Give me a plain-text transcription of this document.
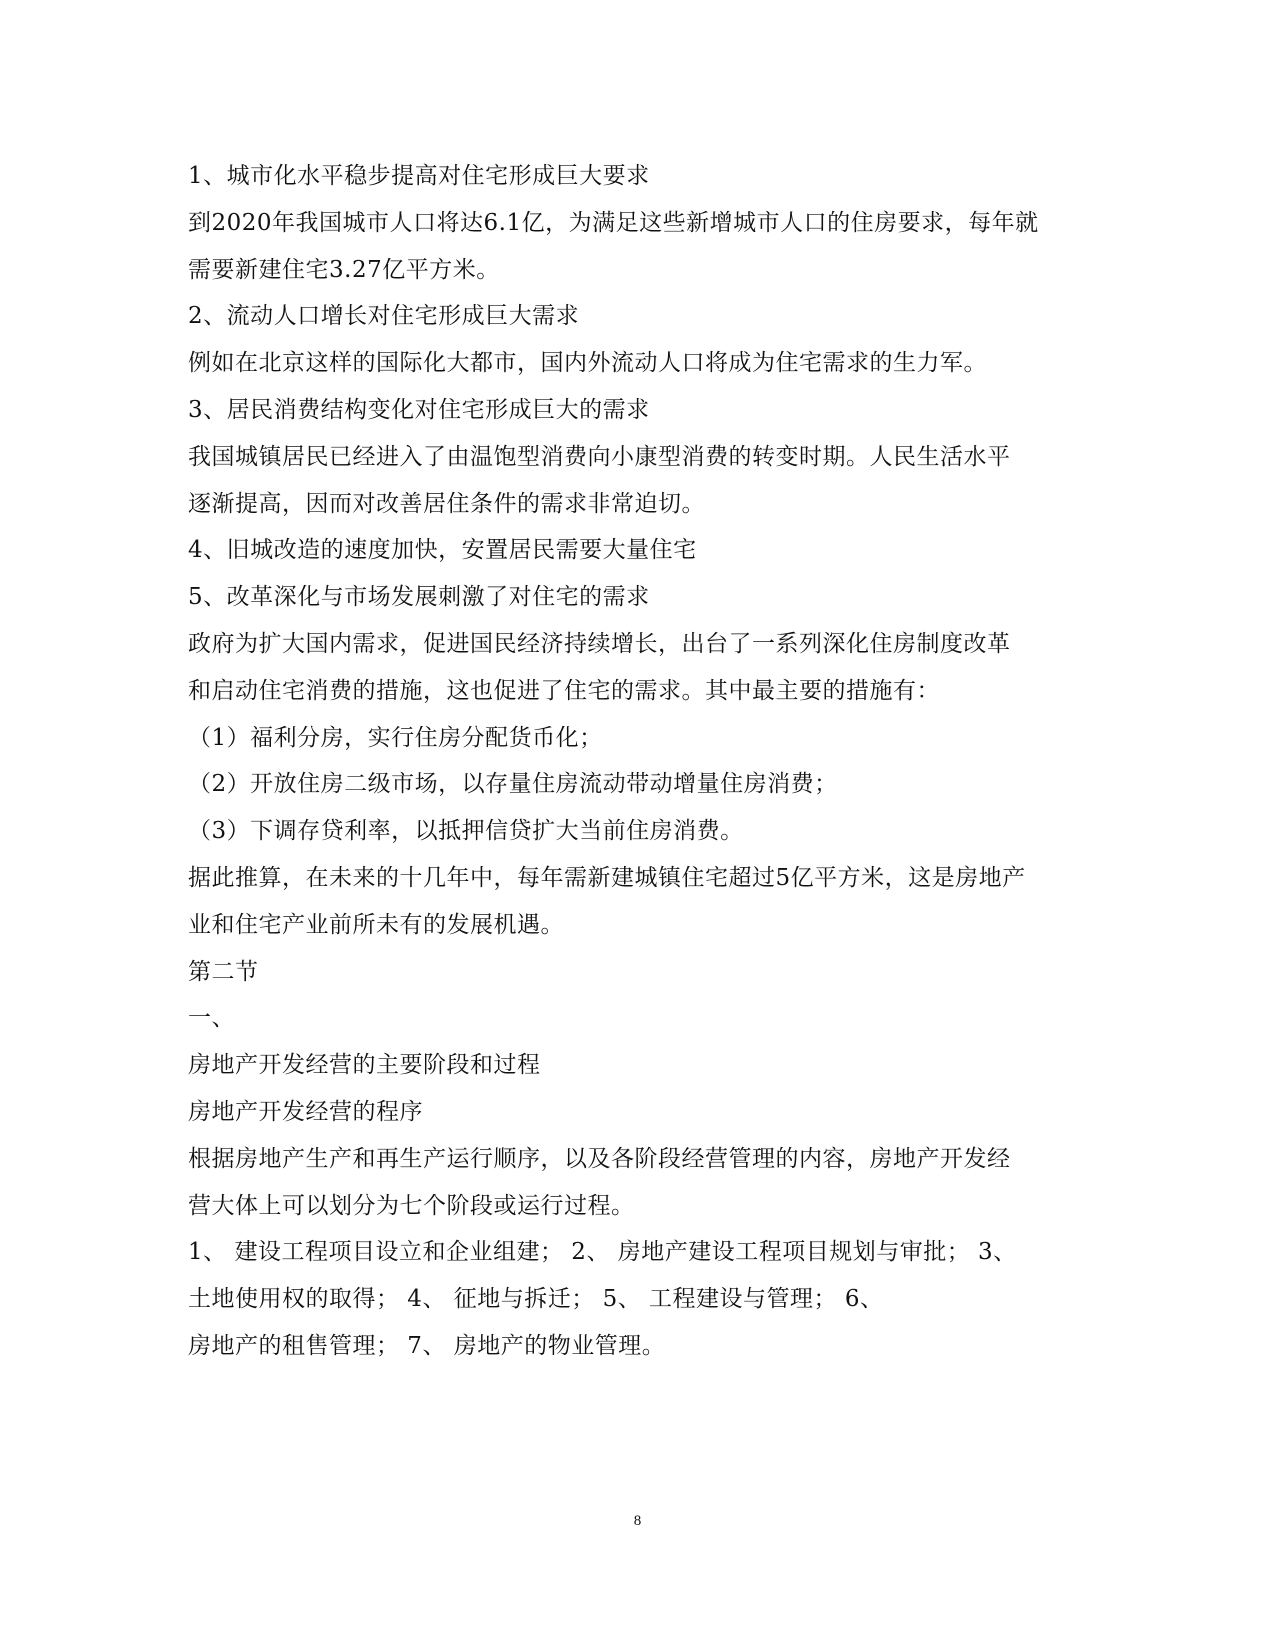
1、城市化水平稳步提高对住宅形成巨大要求
到2020年我国城市人口将达6.1亿，为满足这些新增城市人口的住房要求，每年就
需要新建住宅3.27亿平方米。
2、流动人口增长对住宅形成巨大需求
例如在北京这样的国际化大都市，国内外流动人口将成为住宅需求的生力军。
3、居民消费结构变化对住宅形成巨大的需求
我国城镇居民已经进入了由温饱型消费向小康型消费的转变时期。人民生活水平
逐渐提高，因而对改善居住条件的需求非常迫切。
4、旧城改造的速度加快，安置居民需要大量住宅
5、改革深化与市场发展刺激了对住宅的需求
政府为扩大国内需求，促进国民经济持续增长，出台了一系列深化住房制度改革
和启动住宅消费的措施，这也促进了住宅的需求。其中最主要的措施有：
（1）福利分房，实行住房分配货币化；
（2）开放住房二级市场，以存量住房流动带动增量住房消费；
（3）下调存贷利率，以抵押信贷扩大当前住房消费。
据此推算，在未来的十几年中，每年需新建城镇住宅超过5亿平方米，这是房地产
业和住宅产业前所未有的发展机遇。
第二节
一、
房地产开发经营的主要阶段和过程
房地产开发经营的程序
根据房地产生产和再生产运行顺序，以及各阶段经营管理的内容，房地产开发经
营大体上可以划分为七个阶段或运行过程。
1、 建设工程项目设立和企业组建； 2、 房地产建设工程项目规划与审批； 3、
土地使用权的取得； 4、 征地与拆迁； 5、 工程建设与管理； 6、
房地产的租售管理； 7、 房地产的物业管理。
8
